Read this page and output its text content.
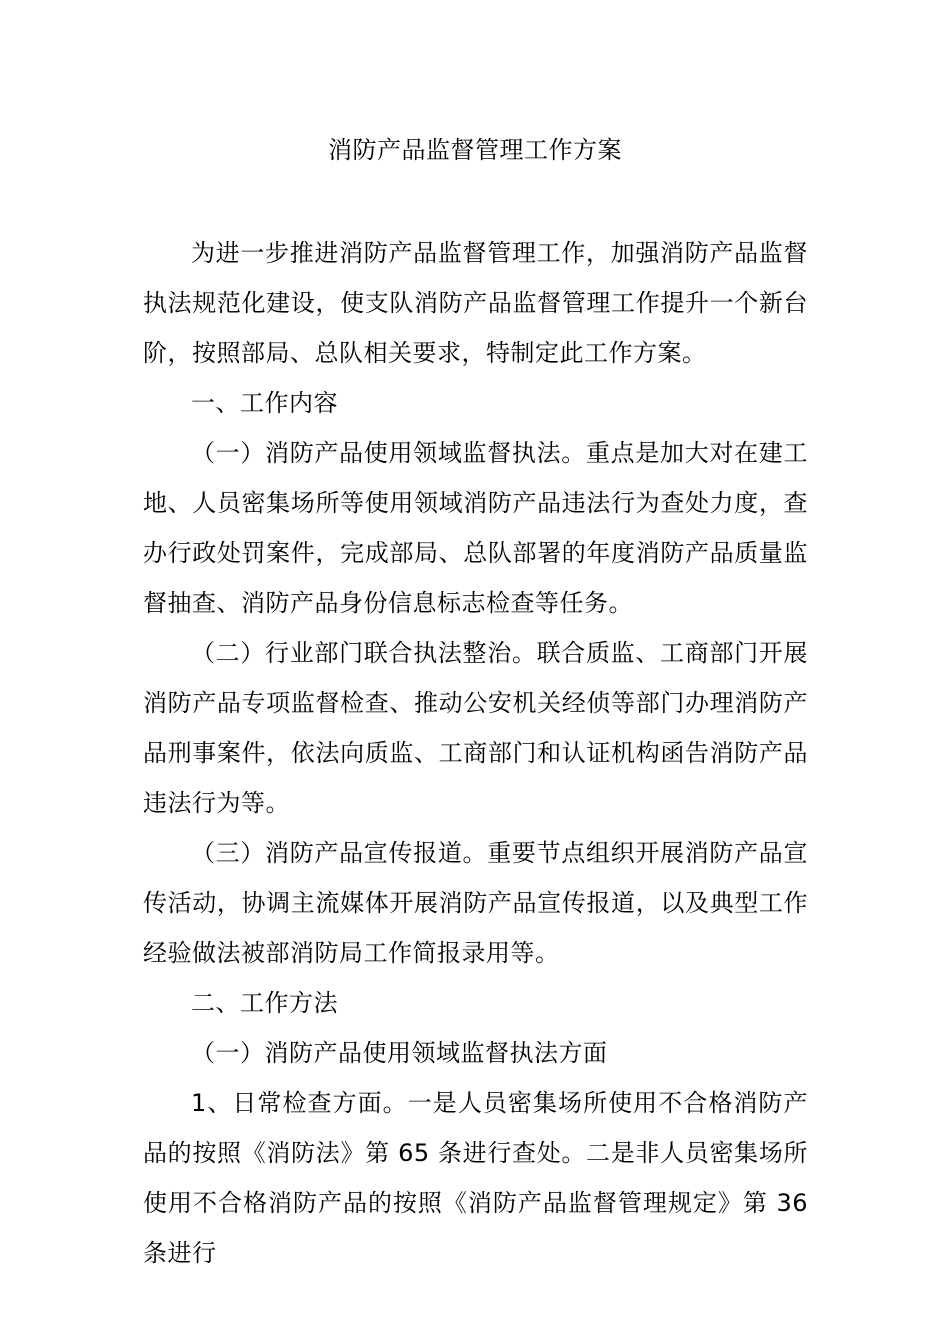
消防产品监督管理工作方案

为进一步推进消防产品监督管理工作，加强消防产品监督执法规范化建设，使支队消防产品监督管理工作提升一个新台阶，按照部局、总队相关要求，特制定此工作方案。

一、工作内容

（一）消防产品使用领域监督执法。重点是加大对在建工地、人员密集场所等使用领域消防产品违法行为查处力度，查办行政处罚案件，完成部局、总队部署的年度消防产品质量监督抽查、消防产品身份信息标志检查等任务。

（二）行业部门联合执法整治。联合质监、工商部门开展消防产品专项监督检查、推动公安机关经侦等部门办理消防产品刑事案件，依法向质监、工商部门和认证机构函告消防产品违法行为等。

（三）消防产品宣传报道。重要节点组织开展消防产品宣传活动，协调主流媒体开展消防产品宣传报道，以及典型工作经验做法被部消防局工作简报录用等。

二、工作方法

（一）消防产品使用领域监督执法方面

1、日常检查方面。一是人员密集场所使用不合格消防产品的按照《消防法》第 65 条进行查处。二是非人员密集场所使用不合格消防产品的按照《消防产品监督管理规定》第 36 条进行
